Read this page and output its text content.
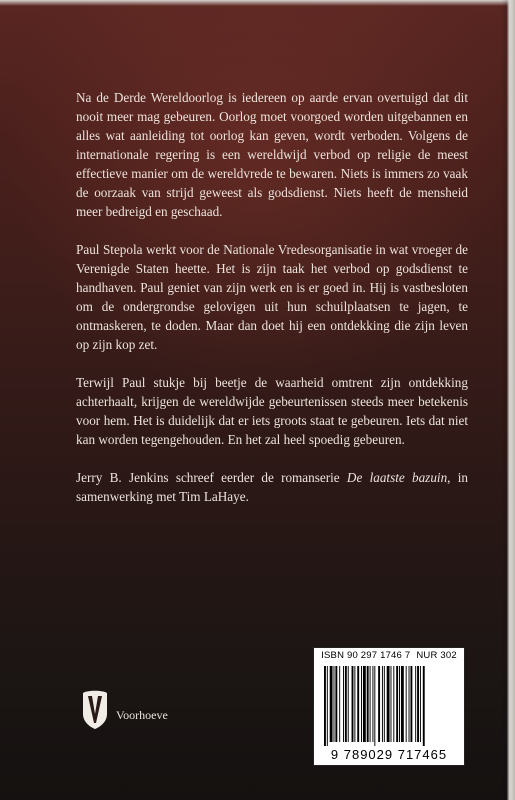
Na de Derde Wereldoorlog is iedereen op aarde ervan overtuigd dat dit nooit meer mag gebeuren. Oorlog moet voorgoed worden uitgebannen en alles wat aanleiding tot oorlog kan geven, wordt verboden. Volgens de internationale regering is een wereldwijd verbod op religie de meest effectieve manier om de wereldvrede te bewaren. Niets is immers zo vaak de oorzaak van strijd geweest als godsdienst. Niets heeft de mensheid meer bedreigd en geschaad.

Paul Stepola werkt voor de Nationale Vredesorganisatie in wat vroeger de Verenigde Staten heette. Het is zijn taak het verbod op godsdienst te handhaven. Paul geniet van zijn werk en is er goed in. Hij is vastbesloten om de ondergrondse gelovigen uit hun schuilplaatsen te jagen, te ontmaskeren, te doden. Maar dan doet hij een ontdekking die zijn leven op zijn kop zet.

Terwijl Paul stukje bij beetje de waarheid omtrent zijn ontdekking achterhaalt, krijgen de wereldwijde gebeurtenissen steeds meer betekenis voor hem. Het is duidelijk dat er iets groots staat te gebeuren. Iets dat niet kan worden tegengehouden. En het zal heel spoedig gebeuren.

Jerry B. Jenkins schreef eerder de romanserie De laatste bazuin, in samenwerking met Tim LaHaye.

Voorhoeve
ISBN 90 297 1746 7 NUR 302
9 789029 717465
